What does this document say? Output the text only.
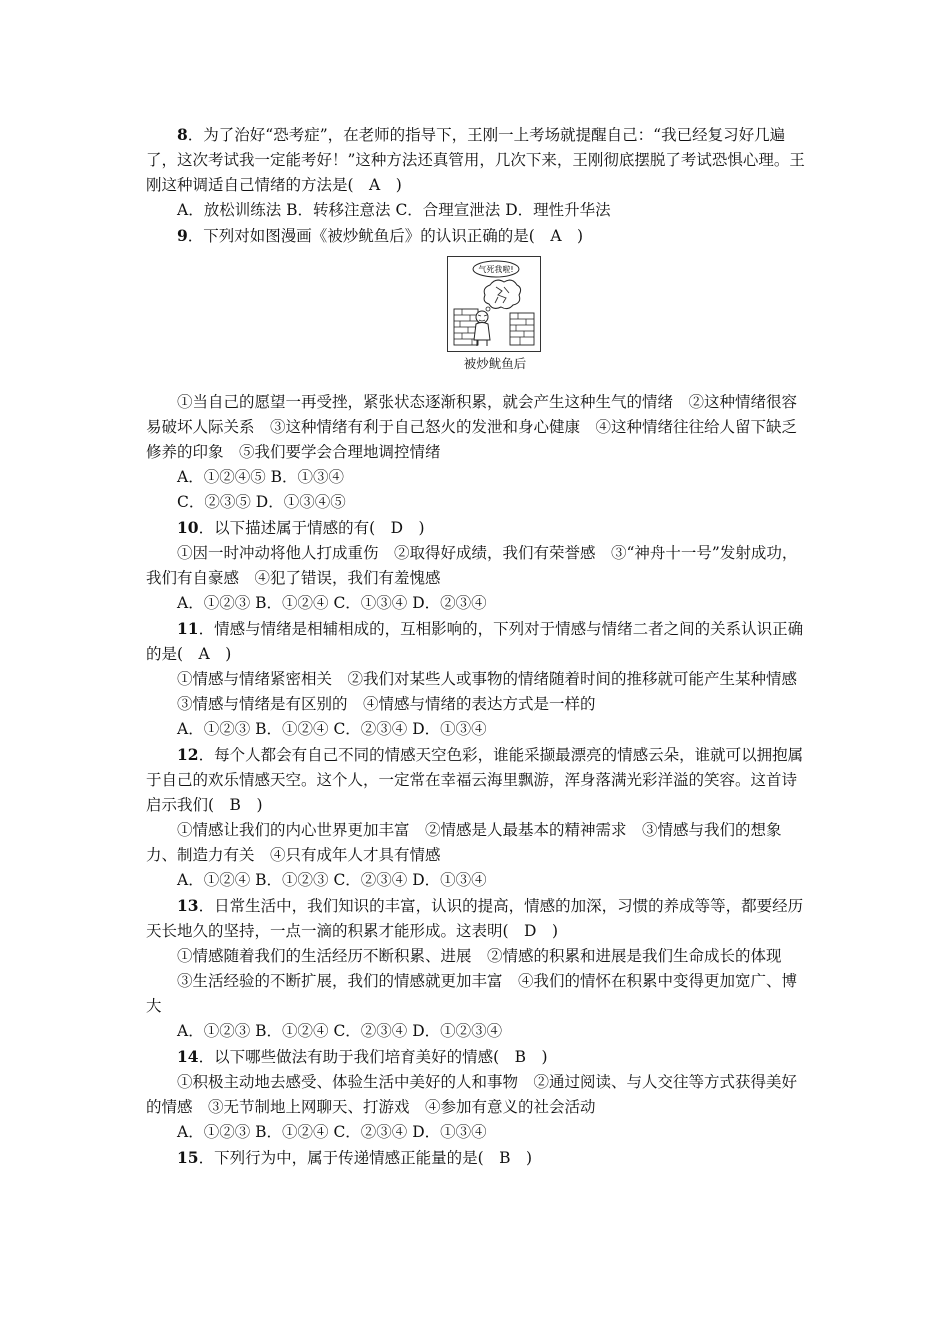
8．为了治好“恐考症”，在老师的指导下，王刚一上考场就提醒自己：“我已经复习好几遍了，这次考试我一定能考好！”这种方法还真管用，几次下来，王刚彻底摆脱了考试恐惧心理。王刚这种调适自己情绪的方法是(　A　)

A．放松训练法 B．转移注意法 C．合理宣泄法 D．理性升华法

9．下列对如图漫画《被炒鱿鱼后》的认识正确的是(　A　)

气死我啦!
被炒鱿鱼后

①当自己的愿望一再受挫，紧张状态逐渐积累，就会产生这种生气的情绪　②这种情绪很容易破坏人际关系　③这种情绪有利于自己怒火的发泄和身心健康　④这种情绪往往给人留下缺乏修养的印象　⑤我们要学会合理地调控情绪

A．①②④⑤ B．①③④

C．②③⑤ D．①③④⑤

10．以下描述属于情感的有(　D　)

①因一时冲动将他人打成重伤　②取得好成绩，我们有荣誉感　③“神舟十一号”发射成功，我们有自豪感　④犯了错误，我们有羞愧感

A．①②③ B．①②④ C．①③④ D．②③④

11．情感与情绪是相辅相成的，互相影响的，下列对于情感与情绪二者之间的关系认识正确的是(　A　)

①情感与情绪紧密相关　②我们对某些人或事物的情绪随着时间的推移就可能产生某种情感

③情感与情绪是有区别的　④情感与情绪的表达方式是一样的

A．①②③ B．①②④ C．②③④ D．①③④

12．每个人都会有自己不同的情感天空色彩，谁能采撷最漂亮的情感云朵，谁就可以拥抱属于自己的欢乐情感天空。这个人，一定常在幸福云海里飘游，浑身落满光彩洋溢的笑容。这首诗启示我们(　B　)

①情感让我们的内心世界更加丰富　②情感是人最基本的精神需求　③情感与我们的想象力、制造力有关　④只有成年人才具有情感

A．①②④ B．①②③ C．②③④ D．①③④

13．日常生活中，我们知识的丰富，认识的提高，情感的加深，习惯的养成等等，都要经历天长地久的坚持，一点一滴的积累才能形成。这表明(　D　)

①情感随着我们的生活经历不断积累、进展　②情感的积累和进展是我们生命成长的体现

③生活经验的不断扩展，我们的情感就更加丰富　④我们的情怀在积累中变得更加宽广、博大

A．①②③ B．①②④ C．②③④ D．①②③④

14．以下哪些做法有助于我们培育美好的情感(　B　)

①积极主动地去感受、体验生活中美好的人和事物　②通过阅读、与人交往等方式获得美好的情感　③无节制地上网聊天、打游戏　④参加有意义的社会活动

A．①②③ B．①②④ C．②③④ D．①③④

15．下列行为中，属于传递情感正能量的是(　B　)
